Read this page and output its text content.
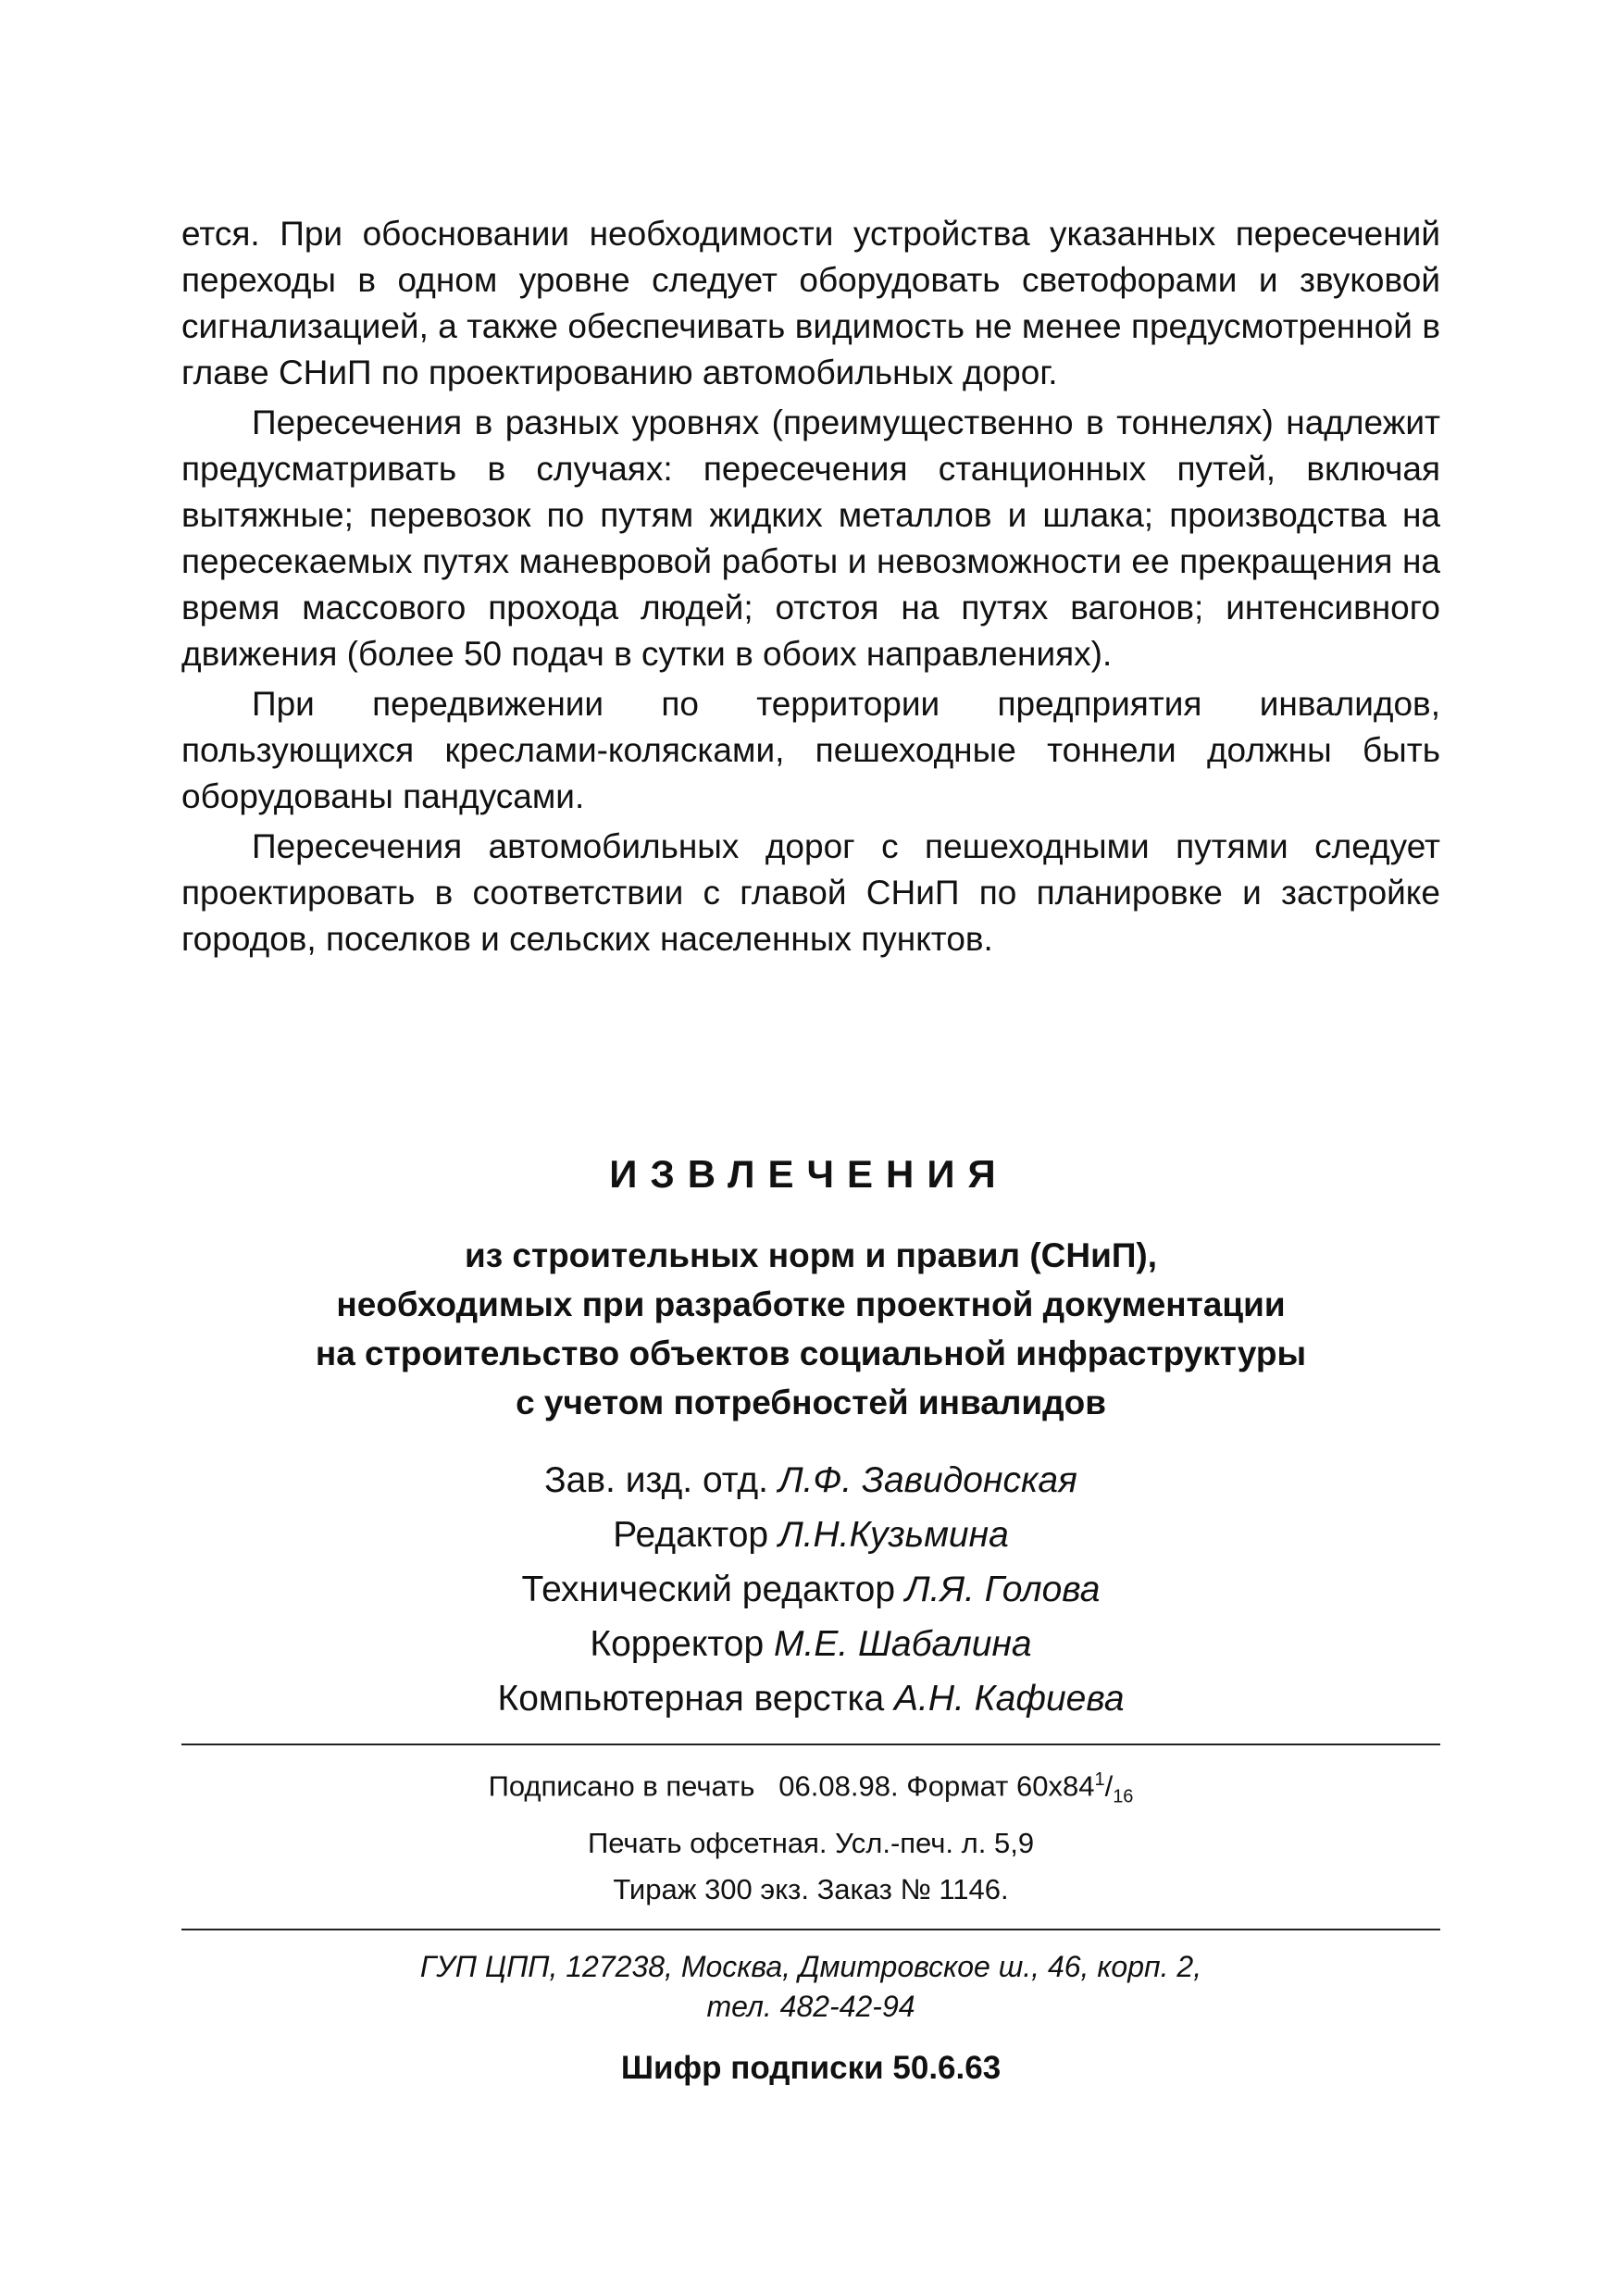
ется. При обосновании необходимости устройства указанных пересечений переходы в одном уровне следует оборудовать светофорами и звуковой сигнализацией, а также обеспечивать видимость не менее предусмотренной в главе СНиП по проектированию автомобильных дорог.

Пересечения в разных уровнях (преимущественно в тоннелях) надлежит предусматривать в случаях: пересечения станционных путей, включая вытяжные; перевозок по путям жидких металлов и шлака; производства на пересекаемых путях маневровой работы и невозможности ее прекращения на время массового прохода людей; отстоя на путях вагонов; интенсивного движения (более 50 подач в сутки в обоих направлениях).

При передвижении по территории предприятия инвалидов, пользующихся креслами-колясками, пешеходные тоннели должны быть оборудованы пандусами.

Пересечения автомобильных дорог с пешеходными путями следует проектировать в соответствии с главой СНиП по планировке и застройке городов, поселков и сельских населенных пунктов.

ИЗВЛЕЧЕНИЯ
из строительных норм и правил (СНиП),
необходимых при разработке проектной документации
на строительство объектов социальной инфраструктуры
с учетом потребностей инвалидов
Зав. изд. отд. Л.Ф. Завидонская
Редактор Л.Н.Кузьмина
Технический редактор Л.Я. Голова
Корректор М.Е. Шабалина
Компьютерная верстка А.Н. Кафиева
Подписано в печать 06.08.98. Формат $60x84^1/_{16}$
Печать офсетная. Усл.-печ. л. 5,9
Тираж 300 экз. Заказ № 1146.
ГУП ЦПП, 127238, Москва, Дмитровское ш., 46, корп. 2,
тел. 482-42-94
Шифр подписки 50.6.63
